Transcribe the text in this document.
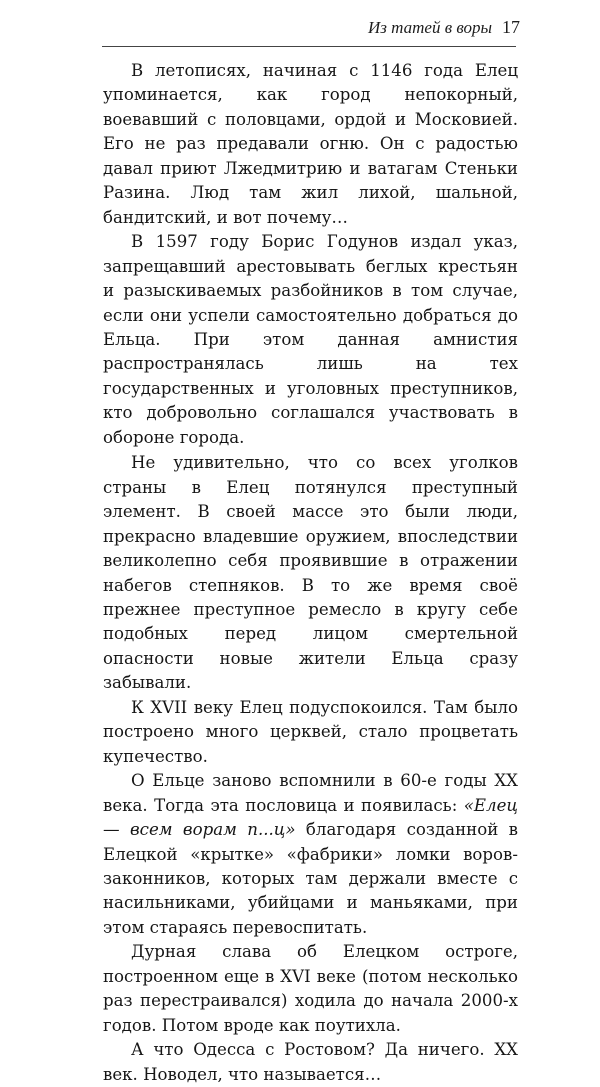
Из татей в воры 17

В летописях, начиная с 1146 года Елец упоминается, как город непокорный, воевавший с половцами, ордой и Московией. Его не раз предавали огню. Он с радостью давал приют Лжедмитрию и ватагам Стеньки Разина. Люд там жил лихой, шальной, бандитский, и вот почему…

В 1597 году Борис Годунов издал указ, запрещавший арестовывать беглых крестьян и разыскиваемых разбойников в том случае, если они успели самостоятельно добраться до Ельца. При этом данная амнистия распространялась лишь на тех государственных и уголовных преступников, кто добровольно соглашался участвовать в обороне города.

Не удивительно, что со всех уголков страны в Елец потянулся преступный элемент. В своей массе это были люди, прекрасно владевшие оружием, впоследствии великолепно себя проявившие в отражении набегов степняков. В то же время своё прежнее преступное ремесло в кругу себе подобных перед лицом смертельной опасности новые жители Ельца сразу забывали.

К XVII веку Елец подуспокоился. Там было построено много церквей, стало процветать купечество.

О Ельце заново вспомнили в 60-е годы XX века. Тогда эта пословица и появилась: «Елец — всем ворам п...ц» благодаря созданной в Елецкой «крытке» «фабрики» ломки воров-законников, которых там держали вместе с насильниками, убийцами и маньяками, при этом стараясь перевоспитать.

Дурная слава об Елецком остроге, построенном еще в XVI веке (потом несколько раз перестраивался) ходила до начала 2000-х годов. Потом вроде как поутихла.

А что Одесса с Ростовом? Да ничего. XX век. Новодел, что называется…
